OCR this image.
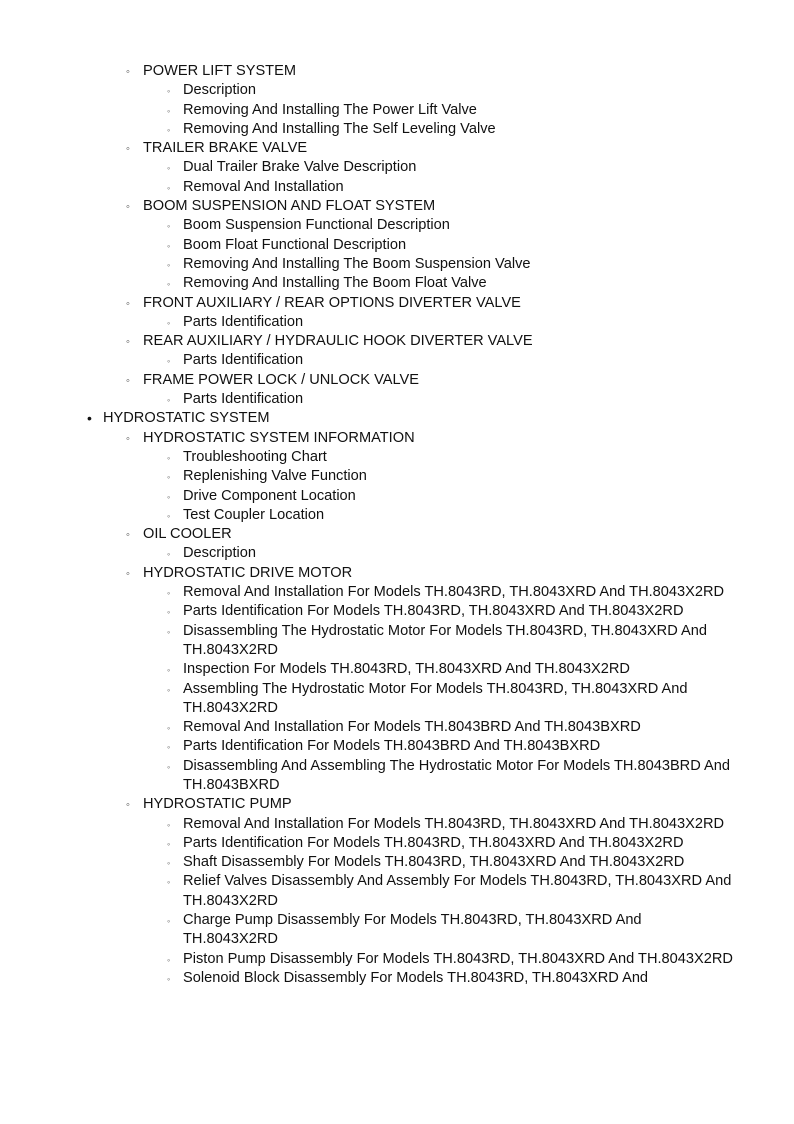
◦ POWER LIFT SYSTEM
◦ Description
◦ Removing And Installing The Power Lift Valve
◦ Removing And Installing The Self Leveling Valve
◦ TRAILER BRAKE VALVE
◦ Dual Trailer Brake Valve Description
◦ Removal And Installation
◦ BOOM SUSPENSION AND FLOAT SYSTEM
◦ Boom Suspension Functional Description
◦ Boom Float Functional Description
◦ Removing And Installing The Boom Suspension Valve
◦ Removing And Installing The Boom Float Valve
◦ FRONT AUXILIARY / REAR OPTIONS DIVERTER VALVE
◦ Parts Identification
◦ REAR AUXILIARY / HYDRAULIC HOOK DIVERTER VALVE
◦ Parts Identification
◦ FRAME POWER LOCK / UNLOCK VALVE
◦ Parts Identification
• HYDROSTATIC SYSTEM
◦ HYDROSTATIC SYSTEM INFORMATION
◦ Troubleshooting Chart
◦ Replenishing Valve Function
◦ Drive Component Location
◦ Test Coupler Location
◦ OIL COOLER
◦ Description
◦ HYDROSTATIC DRIVE MOTOR
◦ Removal And Installation For Models TH.8043RD, TH.8043XRD And TH.8043X2RD
◦ Parts Identification For Models TH.8043RD, TH.8043XRD And TH.8043X2RD
◦ Disassembling The Hydrostatic Motor For Models TH.8043RD, TH.8043XRD And TH.8043X2RD
◦ Inspection For Models TH.8043RD, TH.8043XRD And TH.8043X2RD
◦ Assembling The Hydrostatic Motor For Models TH.8043RD, TH.8043XRD And TH.8043X2RD
◦ Removal And Installation For Models TH.8043BRD And TH.8043BXRD
◦ Parts Identification For Models TH.8043BRD And TH.8043BXRD
◦ Disassembling And Assembling The Hydrostatic Motor For Models TH.8043BRD And TH.8043BXRD
◦ HYDROSTATIC PUMP
◦ Removal And Installation For Models TH.8043RD, TH.8043XRD And TH.8043X2RD
◦ Parts Identification For Models TH.8043RD, TH.8043XRD And TH.8043X2RD
◦ Shaft Disassembly For Models TH.8043RD, TH.8043XRD And TH.8043X2RD
◦ Relief Valves Disassembly And Assembly For Models TH.8043RD, TH.8043XRD And TH.8043X2RD
◦ Charge Pump Disassembly For Models TH.8043RD, TH.8043XRD And TH.8043X2RD
◦ Piston Pump Disassembly For Models TH.8043RD, TH.8043XRD And TH.8043X2RD
◦ Solenoid Block Disassembly For Models TH.8043RD, TH.8043XRD And
